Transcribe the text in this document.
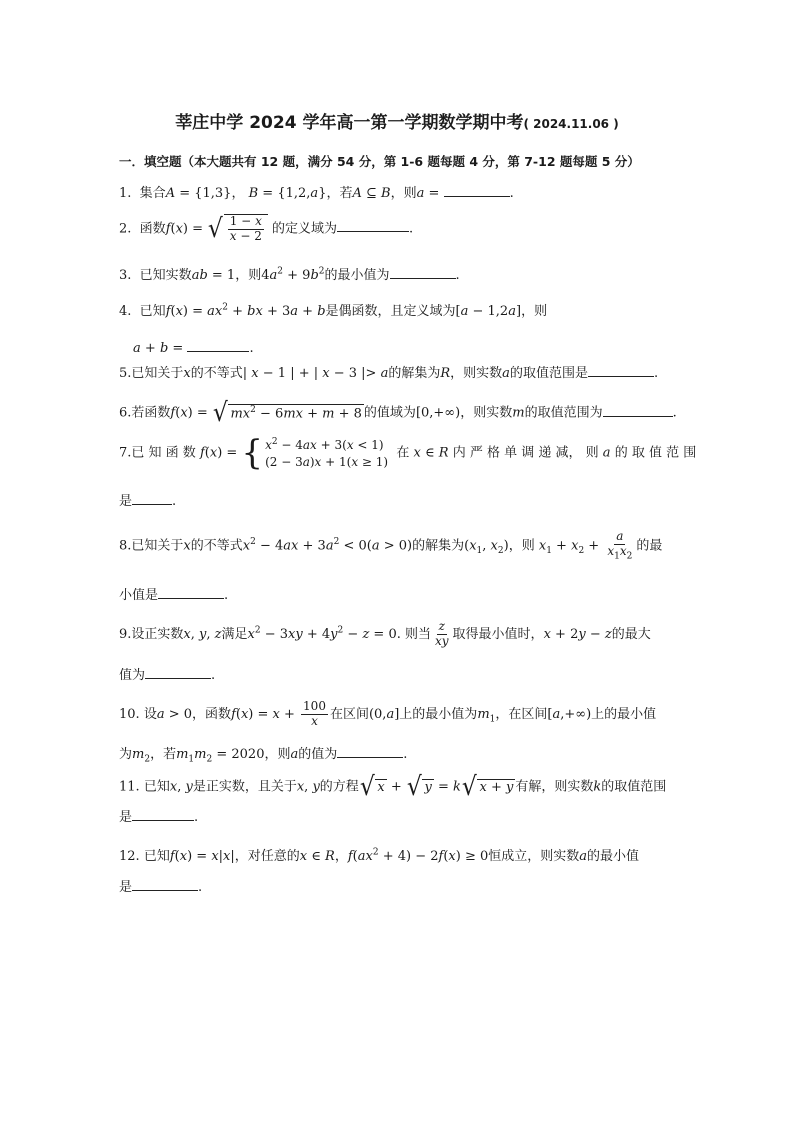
莘庄中学 2024 学年高一第一学期数学期中考( 2024.11.06 )
一．填空题（本大题共有 12 题，满分 54 分，第 1-6 题每题 4 分，第 7-12 题每题 5 分）
1. 集合A = {1,3}， B = {1,2,a}，若A ⊆ B，则a =	.
2. 函数f(x) = √ $\frac{1 - x}{x - 2}$ 的定义域为	.
3. 已知实数ab = 1，则$4a^2 + 9b^2$的最小值为	.
4. 已知$f(x) = ax^2$ + bx + 3a + b是偶函数，且定义域为[a − 1,2a]，则
a + b =	.
5.已知关于x的不等式| x − 1 | + | x − 3 |> a的解集为R，则实数a的取值范围是	.
6.若函数f(x) = √ $mx^2 - 6mx + m + 8$ 的值域为[0,+∞)，则实数m的取值范围为	.
7.已 知 函 数 f(x) = { $x^2 - 4ax + 3(x < 1)$
(2 − 3a)x + 1(x ≥ 1)
在 x ∈ R 内 严 格 单 调 递 减， 则 a 的 取 值 范 围
是	.
8.已知关于x的不等式$x^2 - 4ax + 3a^2 < 0(a > 0)$的解集为($x_1$, $x_2$)，则 $x_1 + x_2 + \frac{a}{x_1x_2}$ 的最
小值是	.
9.设正实数x, y, z满足$x^2 - 3xy + 4y^2 - z = 0$. 则当 $\frac{z}{xy}$ 取得最小值时，x + 2y − z的最大
值为	.
10. 设a > 0，函数$f(x) = x + \frac{100}{x}$ 在区间(0,a]上的最小值为$m_1$，在区间[a,+∞)上的最小值
为$m_2$，若$m_1m_2 = 2020$，则a的值为	.
11. 已知x, y是正实数，且关于x, y的方程 √ x + √ y = k √ x + y 有解，则实数k的取值范围
是	.
12. 已知f(x) = x|x|，对任意的x ∈ R，$f(ax^2 + 4) - 2f(x) \ge 0$恒成立，则实数a的最小值
是	.
